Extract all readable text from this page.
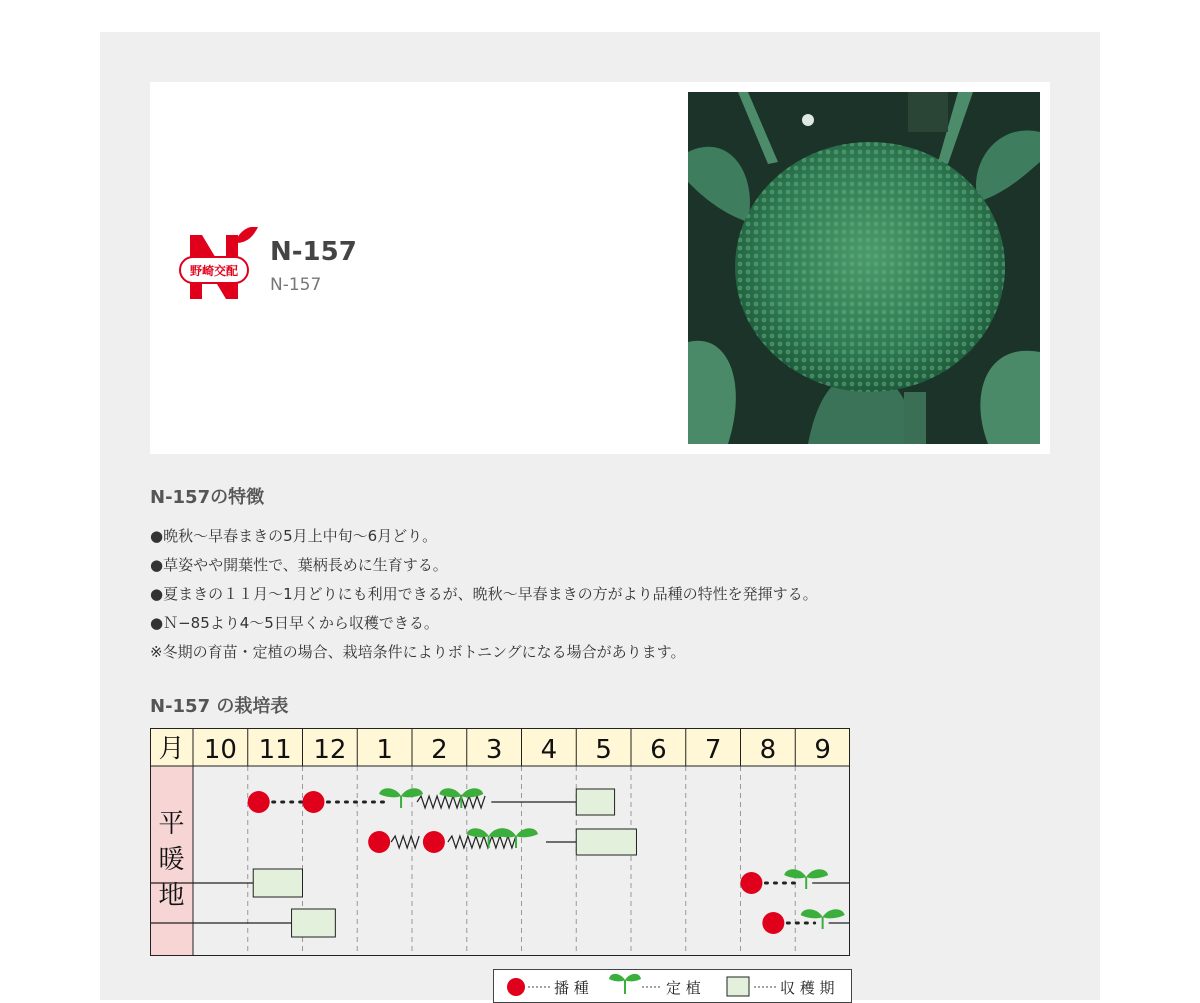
野崎交配
N-157
N-157
N-157の特徴
●晩秋〜早春まきの5月上中旬〜6月どり。
●草姿やや開葉性で、葉柄長めに生育する。
●夏まきの１１月〜1月どりにも利用できるが、晩秋〜早春まきの方がより品種の特性を発揮する。
●Ｎ−85より4〜5日早くから収穫できる。
※冬期の育苗・定植の場合、栽培条件によりボトニングになる場合があります。
N-157 の栽培表
月 10 11 12 1 2 3 4 5 6 7 8 9
平
暖
地
播 種	定 植	収 穫 期
